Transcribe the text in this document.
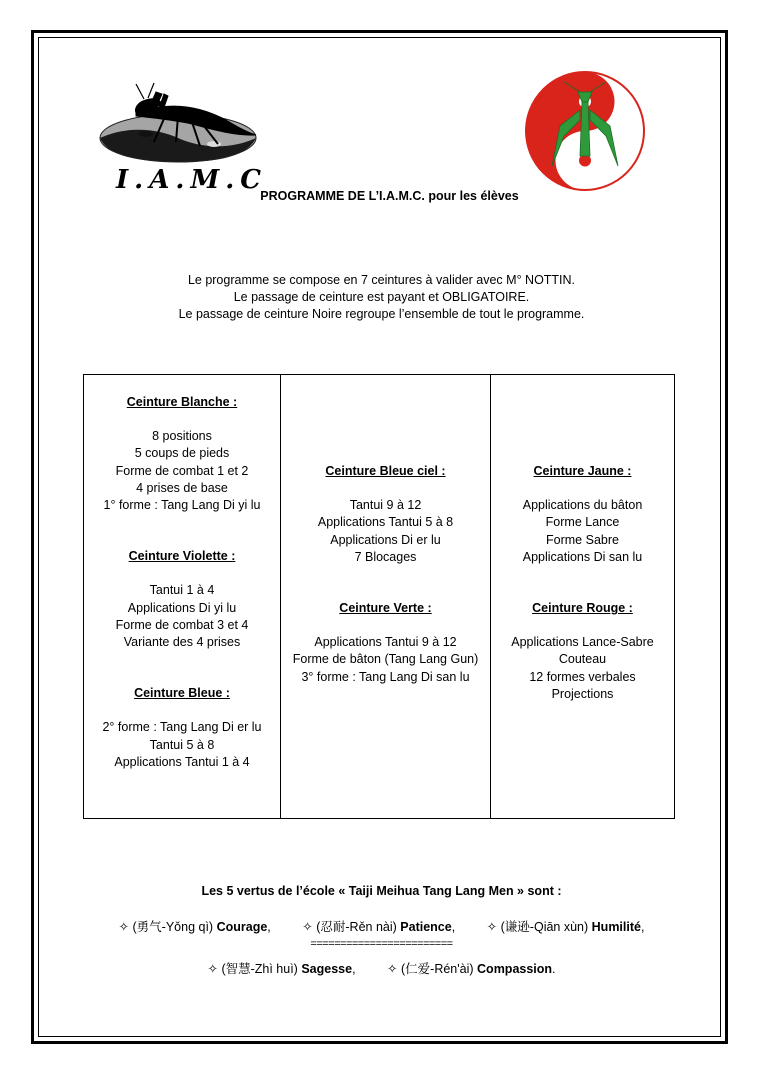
I.A.M.C.	Taiji Meihua Tang lang
PROGRAMME DE L’I.A.M.C. pour les élèves
Le programme se compose en 7 ceintures à valider avec M° NOTTIN.
Le passage de ceinture est payant et OBLIGATOIRE.
Le passage de ceinture Noire regroupe l’ensemble de tout le programme.
Ceinture Blanche :
8 positions
5 coups de pieds
Forme de combat 1 et 2
4 prises de base
1° forme : Tang Lang Di yi lu
Ceinture Violette :
Tantui 1 à 4
Applications Di yi lu
Forme de combat 3 et 4
Variante des 4 prises
Ceinture Bleue :
2° forme : Tang Lang Di er lu
Tantui 5 à 8
Applications Tantui 1 à 4
Ceinture Bleue ciel :
Tantui 9 à 12
Applications Tantui 5 à 8
Applications Di er lu
7 Blocages
Ceinture Verte :
Applications Tantui 9 à 12
Forme de bâton (Tang Lang Gun)
3° forme : Tang Lang Di san lu
Ceinture Jaune :
Applications du bâton
Forme Lance
Forme Sabre
Applications Di san lu
Ceinture Rouge :
Applications Lance-Sabre
Couteau
12 formes verbales
Projections
Les 5 vertus de l’école « Taiji Meihua Tang Lang Men » sont :
✧ (勇气-Yǒng qì) Courage,	✧ (忍耐-Rěn nài) Patience,	✧ (谦逊-Qiān xùn) Humilité,
========================
✧ (智慧-Zhì huì) Sagesse,	✧ (仁爱-Rén'ài) Compassion.
